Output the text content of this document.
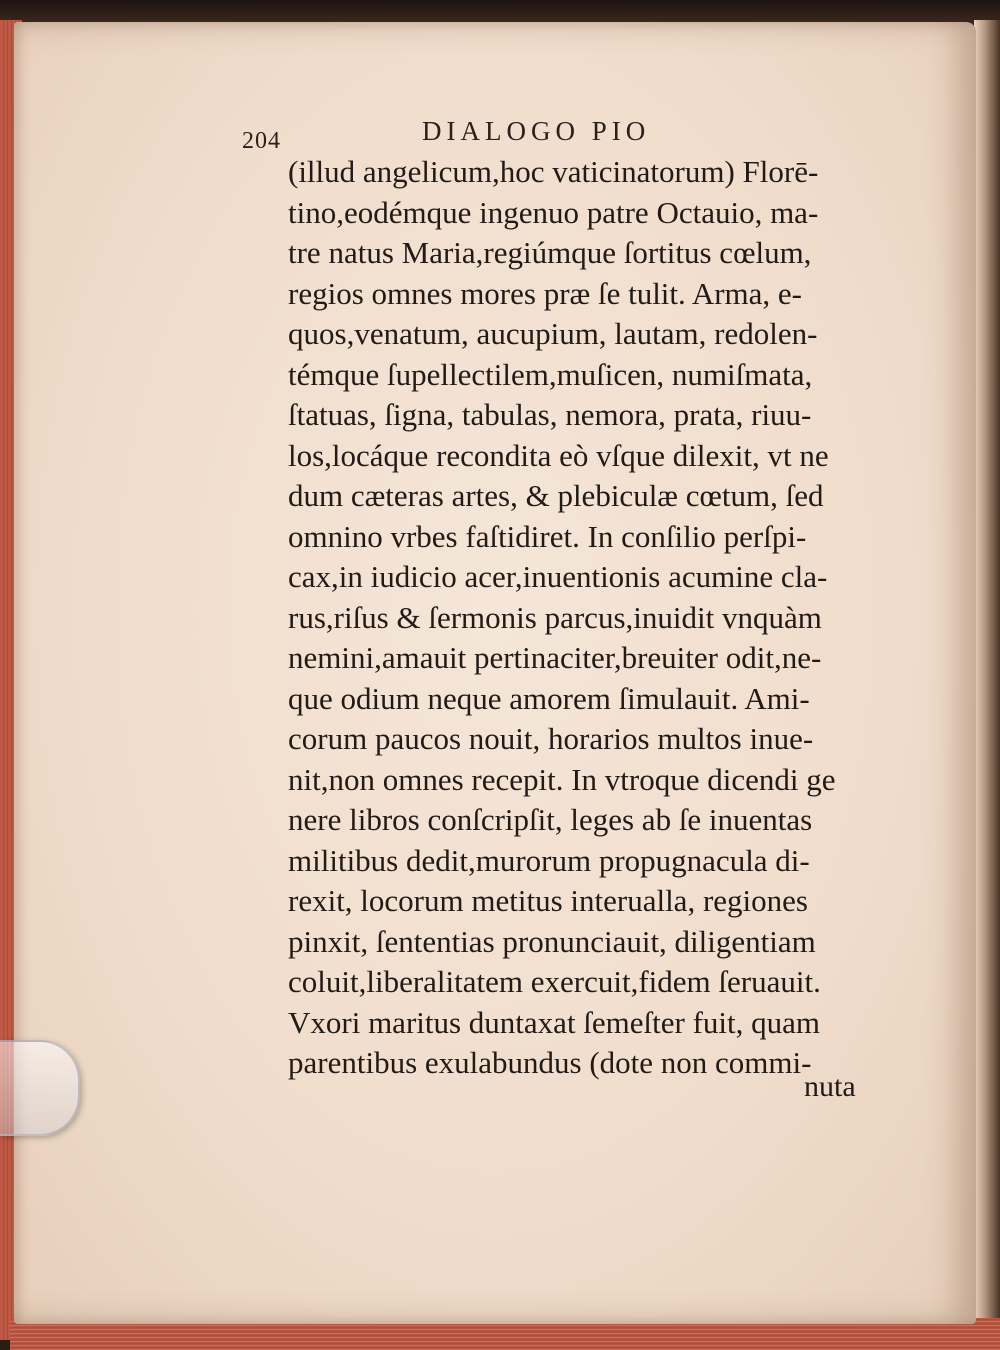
204	DIALOGO PIO
(illud angelicum,hoc vaticinatorum) Florē-
tino,eodémque ingenuo patre Octauio, ma-
tre natus Maria,regiúmque ſortitus cœlum,
regios omnes mores præ ſe tulit. Arma, e-
quos,venatum, aucupium, lautam, redolen-
témque ſupellectilem,muſicen, numiſmata,
ſtatuas, ſigna, tabulas, nemora, prata, riuu-
los,locáque recondita eò vſque dilexit, vt ne
dum cæteras artes, & plebiculæ cœtum, ſed
omnino vrbes faſtidiret. In conſilio perſpi-
cax,in iudicio acer,inuentionis acumine cla-
rus,riſus & ſermonis parcus,inuidit vnquàm
nemini,amauit pertinaciter,breuiter odit,ne-
que odium neque amorem ſimulauit. Ami-
corum paucos nouit, horarios multos inue-
nit,non omnes recepit. In vtroque dicendi ge
nere libros conſcripſit, leges ab ſe inuentas
militibus dedit,murorum propugnacula di-
rexit, locorum metitus interualla, regiones
pinxit, ſententias pronunciauit, diligentiam
coluit,liberalitatem exercuit,fidem ſeruauit.
Vxori maritus duntaxat ſemeſter fuit, quam
parentibus exulabundus (dote non commi-
nuta
